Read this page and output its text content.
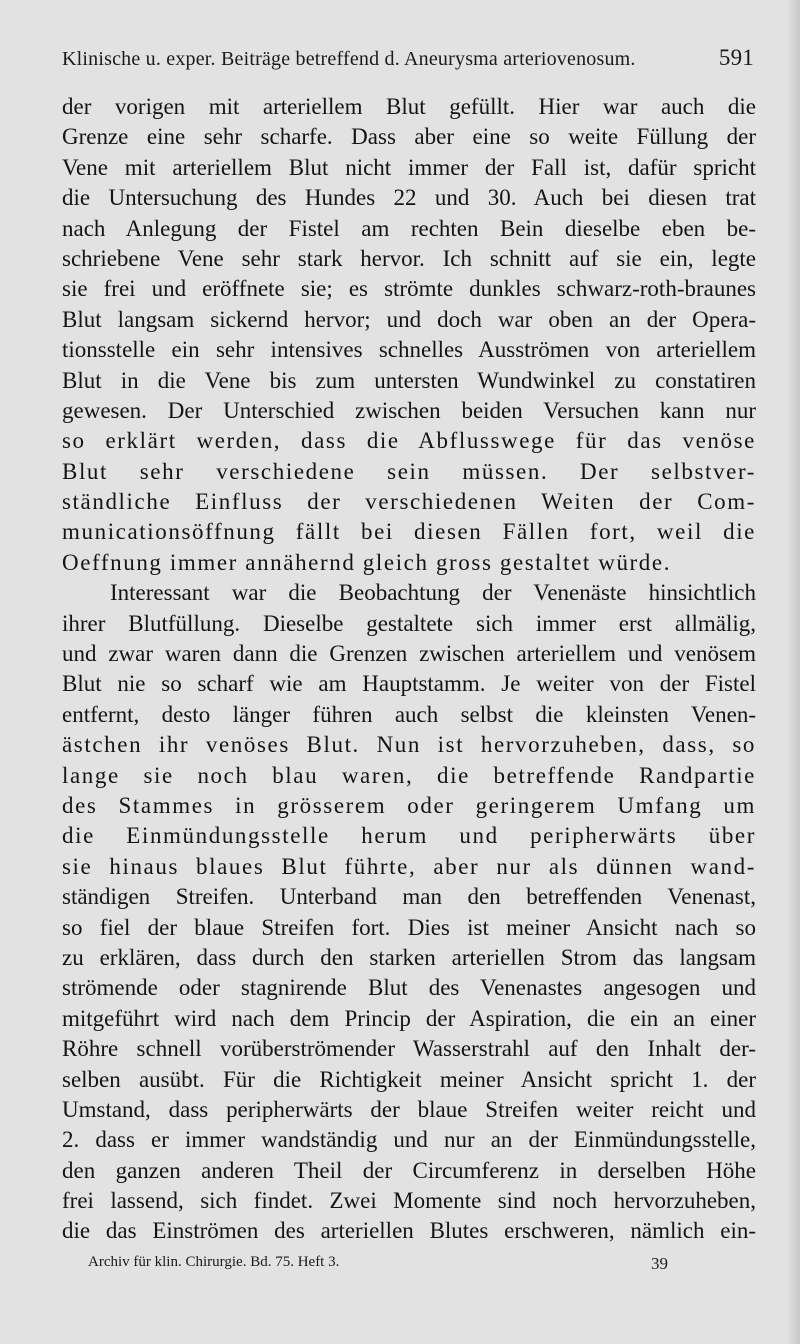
Klinische u. exper. Beiträge betreffend d. Aneurysma arteriovenosum.	591
der vorigen mit arteriellem Blut gefüllt. Hier war auch die
Grenze eine sehr scharfe. Dass aber eine so weite Füllung der
Vene mit arteriellem Blut nicht immer der Fall ist, dafür spricht
die Untersuchung des Hundes 22 und 30. Auch bei diesen trat
nach Anlegung der Fistel am rechten Bein dieselbe eben be-
schriebene Vene sehr stark hervor. Ich schnitt auf sie ein, legte
sie frei und eröffnete sie; es strömte dunkles schwarz-roth-braunes
Blut langsam sickernd hervor; und doch war oben an der Opera-
tionsstelle ein sehr intensives schnelles Ausströmen von arteriellem
Blut in die Vene bis zum untersten Wundwinkel zu constatiren
gewesen. Der Unterschied zwischen beiden Versuchen kann nur
so erklärt werden, dass die Abflusswege für das venöse
Blut sehr verschiedene sein müssen. Der selbstver-
ständliche Einfluss der verschiedenen Weiten der Com-
municationsöffnung fällt bei diesen Fällen fort, weil die
Oeffnung immer annähernd gleich gross gestaltet würde.
Interessant war die Beobachtung der Venenäste hinsichtlich
ihrer Blutfüllung. Dieselbe gestaltete sich immer erst allmälig,
und zwar waren dann die Grenzen zwischen arteriellem und venösem
Blut nie so scharf wie am Hauptstamm. Je weiter von der Fistel
entfernt, desto länger führen auch selbst die kleinsten Venen-
ästchen ihr venöses Blut. Nun ist hervorzuheben, dass, so
lange sie noch blau waren, die betreffende Randpartie
des Stammes in grösserem oder geringerem Umfang um
die Einmündungsstelle herum und peripherwärts über
sie hinaus blaues Blut führte, aber nur als dünnen wand-
ständigen Streifen. Unterband man den betreffenden Venenast,
so fiel der blaue Streifen fort. Dies ist meiner Ansicht nach so
zu erklären, dass durch den starken arteriellen Strom das langsam
strömende oder stagnirende Blut des Venenastes angesogen und
mitgeführt wird nach dem Princip der Aspiration, die ein an einer
Röhre schnell vorüberströmender Wasserstrahl auf den Inhalt der-
selben ausübt. Für die Richtigkeit meiner Ansicht spricht 1. der
Umstand, dass peripherwärts der blaue Streifen weiter reicht und
2. dass er immer wandständig und nur an der Einmündungsstelle,
den ganzen anderen Theil der Circumferenz in derselben Höhe
frei lassend, sich findet. Zwei Momente sind noch hervorzuheben,
die das Einströmen des arteriellen Blutes erschweren, nämlich ein-
Archiv für klin. Chirurgie. Bd. 75. Heft 3.	39
